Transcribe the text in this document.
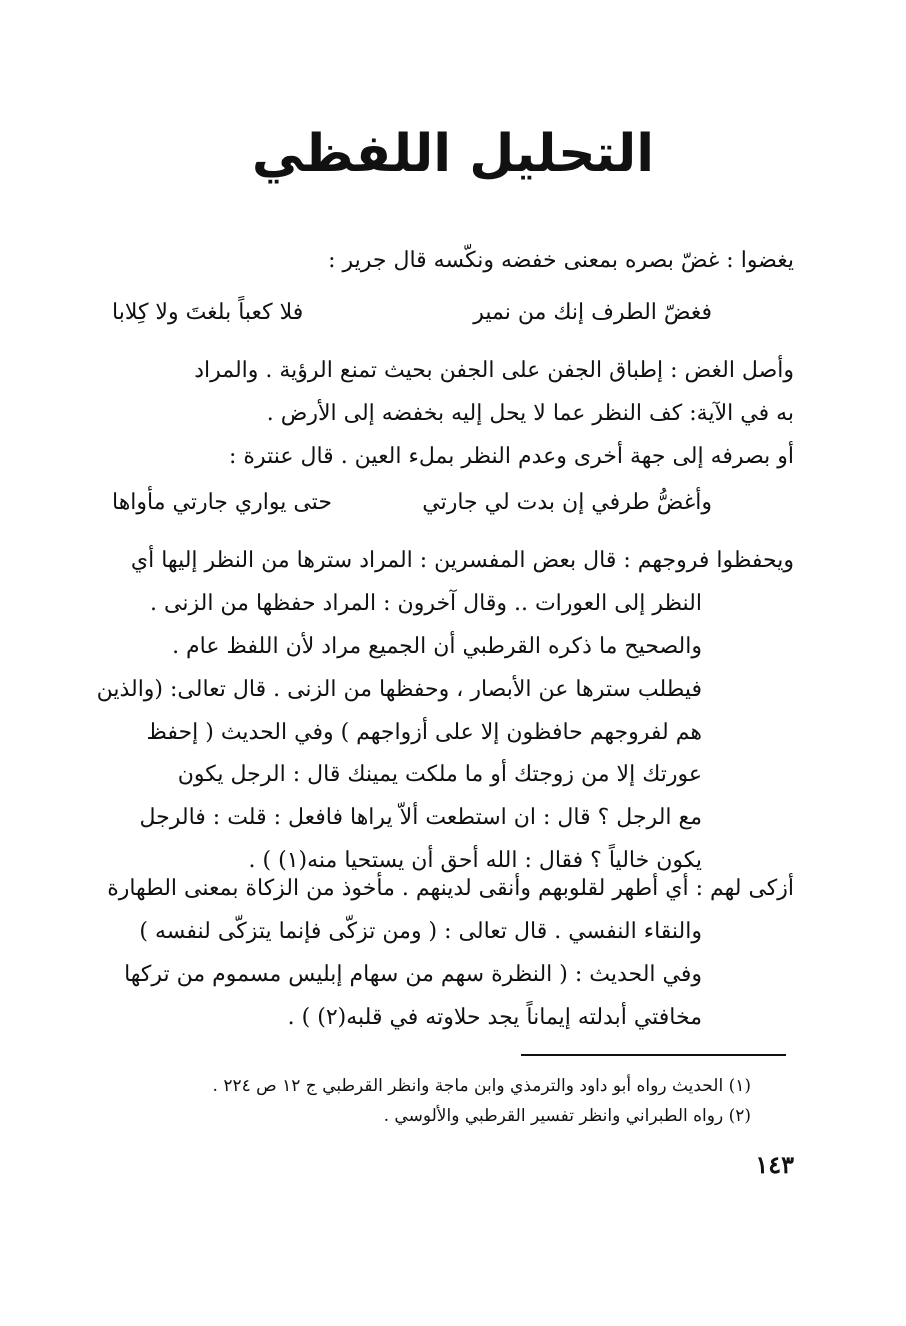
التحليل اللفظي
يغضوا : غضّ بصره بمعنى خفضه ونكّسه قال جرير :
فغضّ الطرف إنك من نمير
فلا كعباً بلغتَ ولا كِلابا
وأصل الغض : إطباق الجفن على الجفن بحيث تمنع الرؤية . والمراد
به في الآية: كف النظر عما لا يحل إليه بخفضه إلى الأرض .
أو بصرفه إلى جهة أخرى وعدم النظر بملء العين . قال عنترة :
وأغضُّ طرفي إن بدت لي جارتي
حتى يواري جارتي مأواها
ويحفظوا فروجهم : قال بعض المفسرين : المراد سترها من النظر إليها أي
النظر إلى العورات .. وقال آخرون : المراد حفظها من الزنى .
والصحيح ما ذكره القرطبي أن الجميع مراد لأن اللفظ عام .
فيطلب سترها عن الأبصار ، وحفظها من الزنى . قال تعالى: (والذين
هم لفروجهم حافظون إلا على أزواجهم ) وفي الحديث ( إحفظ
عورتك إلا من زوجتك أو ما ملكت يمينك قال : الرجل يكون
مع الرجل ؟ قال : ان استطعت ألاّ يراها فافعل : قلت : فالرجل
يكون خالياً ؟ فقال : الله أحق أن يستحيا منه(١) ) .
أزكى لهم : أي أطهر لقلوبهم وأنقى لدينهم . مأخوذ من الزكاة بمعنى الطهارة
والنقاء النفسي . قال تعالى : ( ومن تزكّى فإنما يتزكّى لنفسه )
وفي الحديث : ( النظرة سهم من سهام إبليس مسموم من تركها
مخافتي أبدلته إيماناً يجد حلاوته في قلبه(٢) ) .
(١) الحديث رواه أبو داود والترمذي وابن ماجة وانظر القرطبي ج ١٢ ص ٢٢٤ .
(٢) رواه الطبراني وانظر تفسير القرطبي والألوسي .
١٤٣
